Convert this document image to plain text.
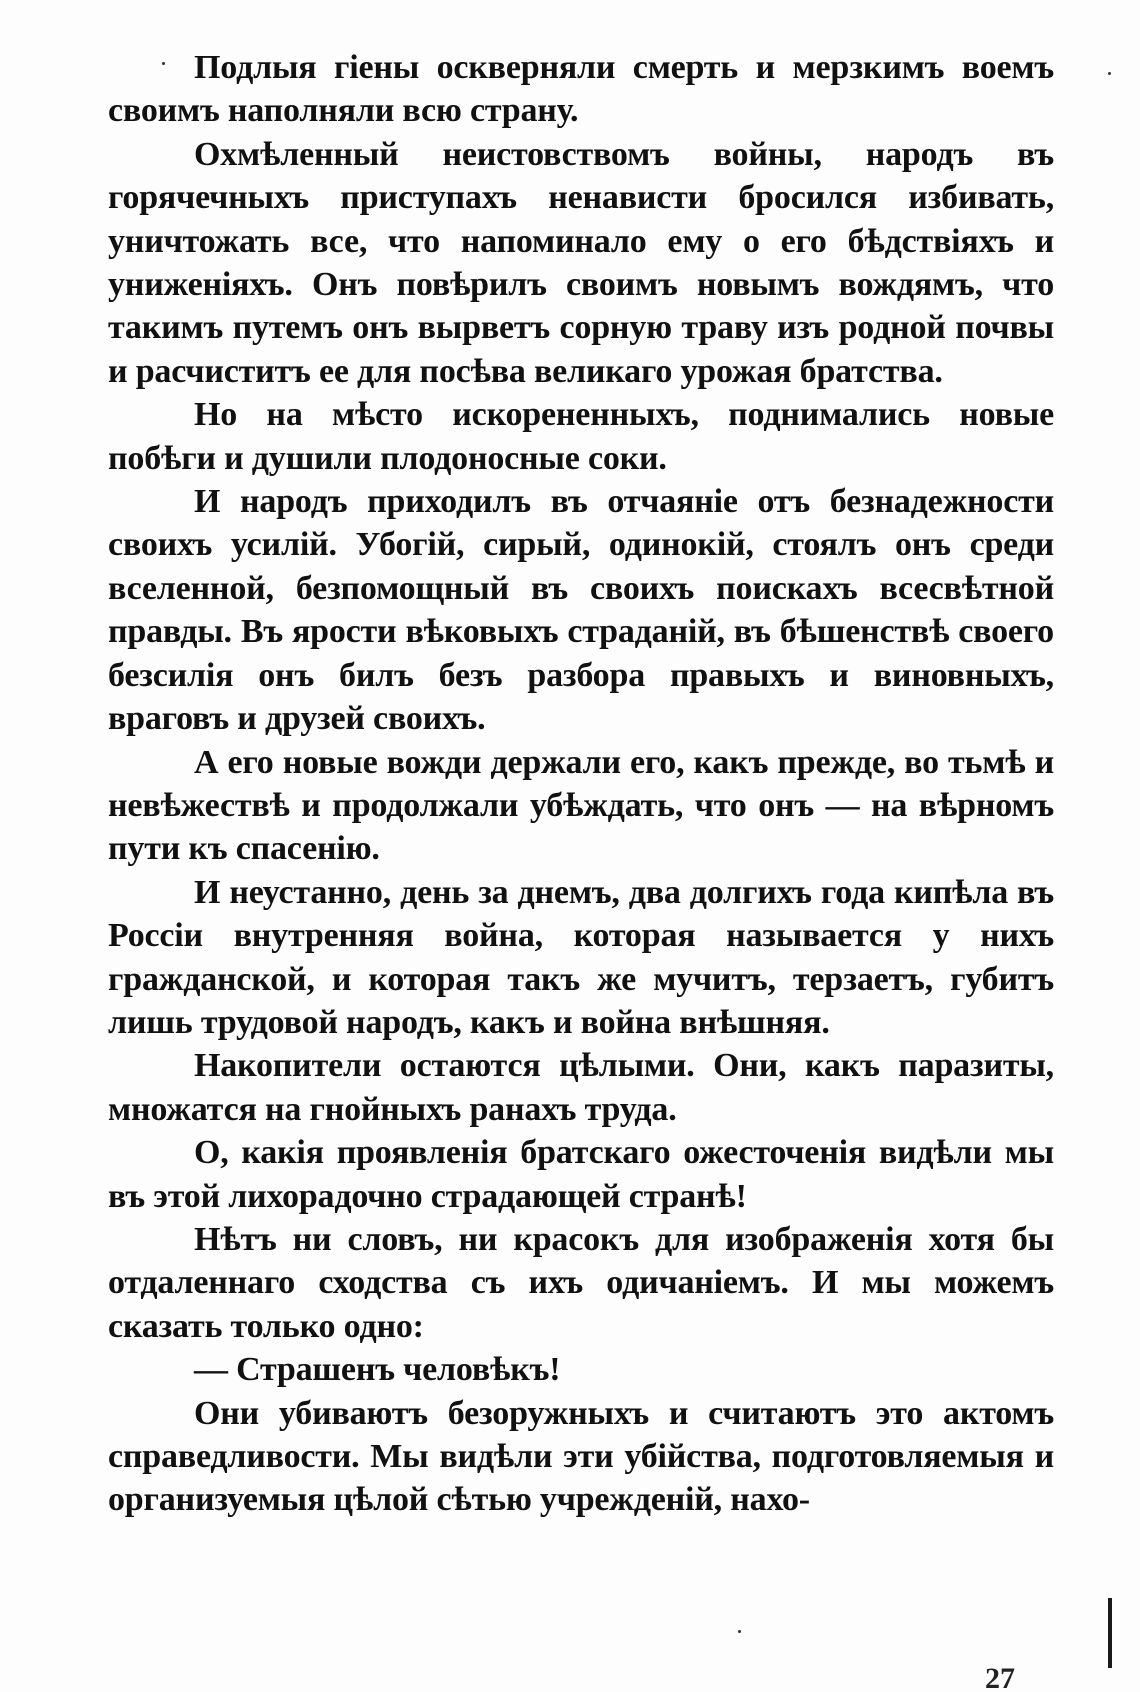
Подлыя гіены оскверняли смерть и мерзкимъ воемъ своимъ наполняли всю страну.

Охмѣленный неистовствомъ войны, народъ въ горячечныхъ приступахъ ненависти бросился избивать, уничтожать все, что напоминало ему о его бѣдствіяхъ и униженіяхъ. Онъ повѣрилъ своимъ новымъ вождямъ, что такимъ путемъ онъ вырветъ сорную траву изъ родной почвы и расчиститъ ее для посѣва великаго урожая братства.

Но на мѣсто искорененныхъ, поднимались новые побѣги и душили плодоносные соки.

И народъ приходилъ въ отчаяніе отъ безнадежности своихъ усилій. Убогій, сирый, одинокій, стоялъ онъ среди вселенной, безпомощный въ своихъ поискахъ всесвѣтной правды. Въ ярости вѣковыхъ страданій, въ бѣшенствѣ своего безсилія онъ билъ безъ разбора правыхъ и виновныхъ, враговъ и друзей своихъ.

А его новые вожди держали его, какъ прежде, во тьмѣ и невѣжествѣ и продолжали убѣждать, что онъ — на вѣрномъ пути къ спасенію.

И неустанно, день за днемъ, два долгихъ года кипѣла въ Россіи внутренняя война, которая называется у нихъ гражданской, и которая такъ же мучитъ, терзаетъ, губитъ лишь трудовой народъ, какъ и война внѣшняя.

Накопители остаются цѣлыми. Они, какъ паразиты, множатся на гнойныхъ ранахъ труда.

О, какія проявленія братскаго ожесточенія видѣли мы въ этой лихорадочно страдающей странѣ!

Нѣтъ ни словъ, ни красокъ для изображенія хотя бы отдаленнаго сходства съ ихъ одичаніемъ. И мы можемъ сказать только одно:

— Страшенъ человѣкъ!

Они убиваютъ безоружныхъ и считаютъ это актомъ справедливости. Мы видѣли эти убійства, подготовляемыя и организуемыя цѣлой сѣтью учрежденій, нахо-

27
